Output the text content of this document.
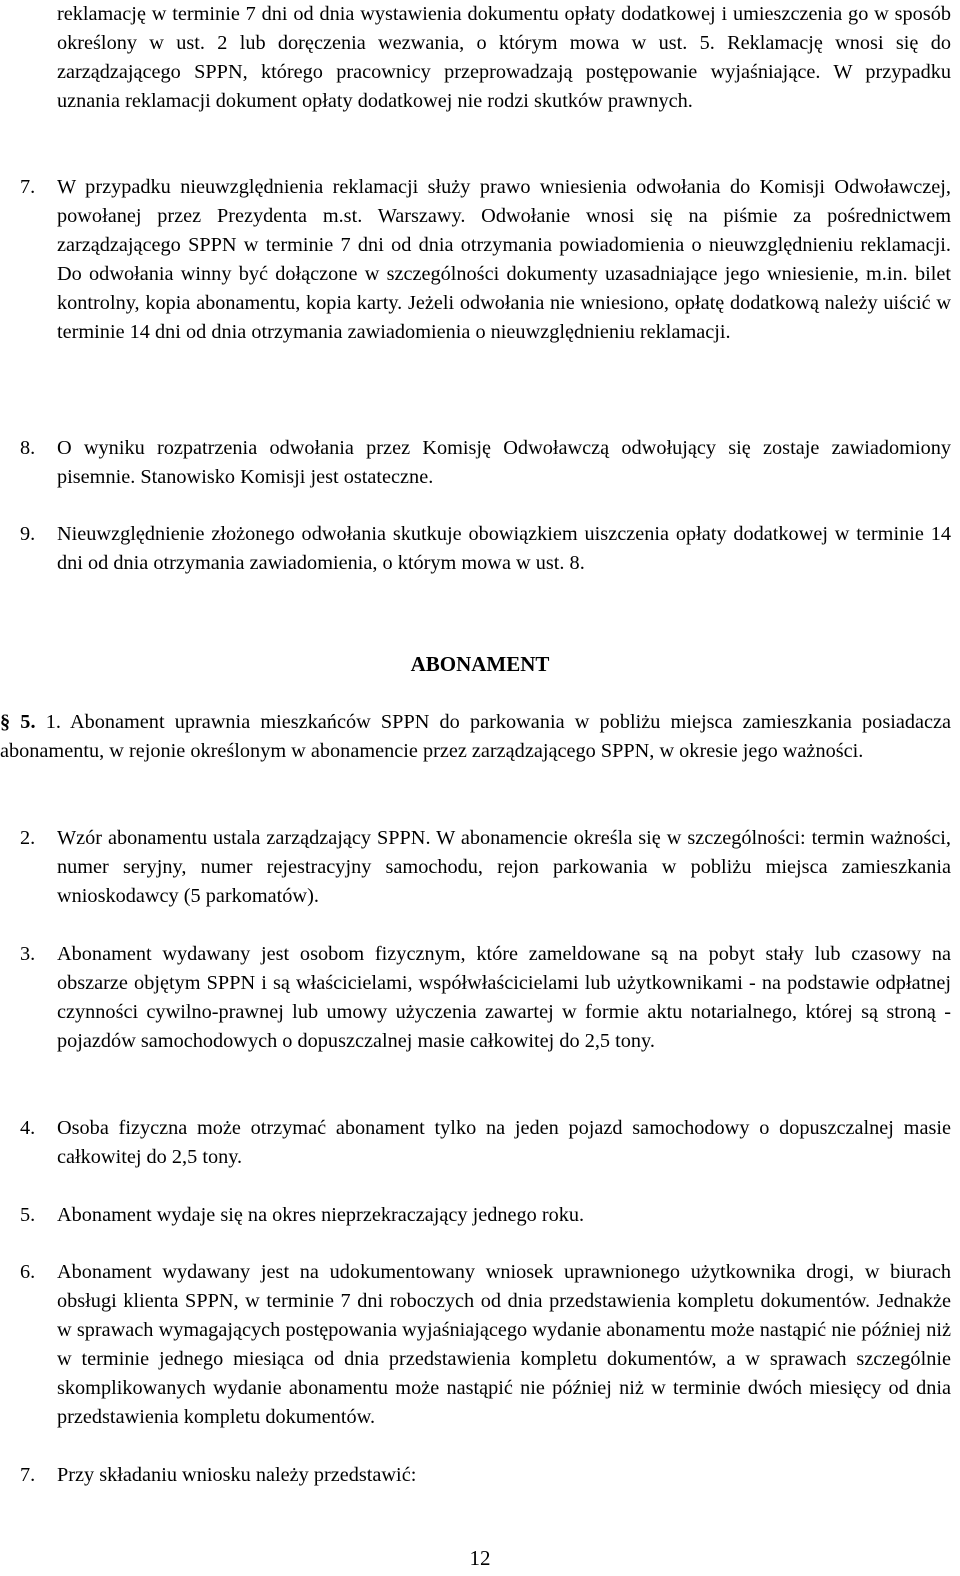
reklamację w terminie 7 dni od dnia wystawienia dokumentu opłaty dodatkowej i umieszczenia go w sposób określony w ust. 2 lub doręczenia wezwania, o którym mowa w ust. 5. Reklamację wnosi się do zarządzającego SPPN, którego pracownicy przeprowadzają postępowanie wyjaśniające. W przypadku uznania reklamacji dokument opłaty dodatkowej nie rodzi skutków prawnych.

7. W przypadku nieuwzględnienia reklamacji służy prawo wniesienia odwołania do Komisji Odwoławczej, powołanej przez Prezydenta m.st. Warszawy. Odwołanie wnosi się na piśmie za pośrednictwem zarządzającego SPPN w terminie 7 dni od dnia otrzymania powiadomienia o nieuwzględnieniu reklamacji. Do odwołania winny być dołączone w szczególności dokumenty uzasadniające jego wniesienie, m.in. bilet kontrolny, kopia abonamentu, kopia karty. Jeżeli odwołania nie wniesiono, opłatę dodatkową należy uiścić w terminie 14 dni od dnia otrzymania zawiadomienia o nieuwzględnieniu reklamacji.

8. O wyniku rozpatrzenia odwołania przez Komisję Odwoławczą odwołujący się zostaje zawiadomiony pisemnie. Stanowisko Komisji jest ostateczne.

9. Nieuwzględnienie złożonego odwołania skutkuje obowiązkiem uiszczenia opłaty dodatkowej w terminie 14 dni od dnia otrzymania zawiadomienia, o którym mowa w ust. 8.

ABONAMENT

§ 5. 1. Abonament uprawnia mieszkańców SPPN do parkowania w pobliżu miejsca zamieszkania posiadacza abonamentu, w rejonie określonym w abonamencie przez zarządzającego SPPN, w okresie jego ważności.

2. Wzór abonamentu ustala zarządzający SPPN. W abonamencie określa się w szczególności: termin ważności, numer seryjny, numer rejestracyjny samochodu, rejon parkowania w pobliżu miejsca zamieszkania wnioskodawcy (5 parkomatów).

3. Abonament wydawany jest osobom fizycznym, które zameldowane są na pobyt stały lub czasowy na obszarze objętym SPPN i są właścicielami, współwłaścicielami lub użytkownikami - na podstawie odpłatnej czynności cywilno-prawnej lub umowy użyczenia zawartej w formie aktu notarialnego, której są stroną - pojazdów samochodowych o dopuszczalnej masie całkowitej do 2,5 tony.

4. Osoba fizyczna może otrzymać abonament tylko na jeden pojazd samochodowy o dopuszczalnej masie całkowitej do 2,5 tony.

5. Abonament wydaje się na okres nieprzekraczający jednego roku.

6. Abonament wydawany jest na udokumentowany wniosek uprawnionego użytkownika drogi, w biurach obsługi klienta SPPN, w terminie 7 dni roboczych od dnia przedstawienia kompletu dokumentów. Jednakże w sprawach wymagających postępowania wyjaśniającego wydanie abonamentu może nastąpić nie później niż w terminie jednego miesiąca od dnia przedstawienia kompletu dokumentów, a w sprawach szczególnie skomplikowanych wydanie abonamentu może nastąpić nie później niż w terminie dwóch miesięcy od dnia przedstawienia kompletu dokumentów.

7. Przy składaniu wniosku należy przedstawić:

12
